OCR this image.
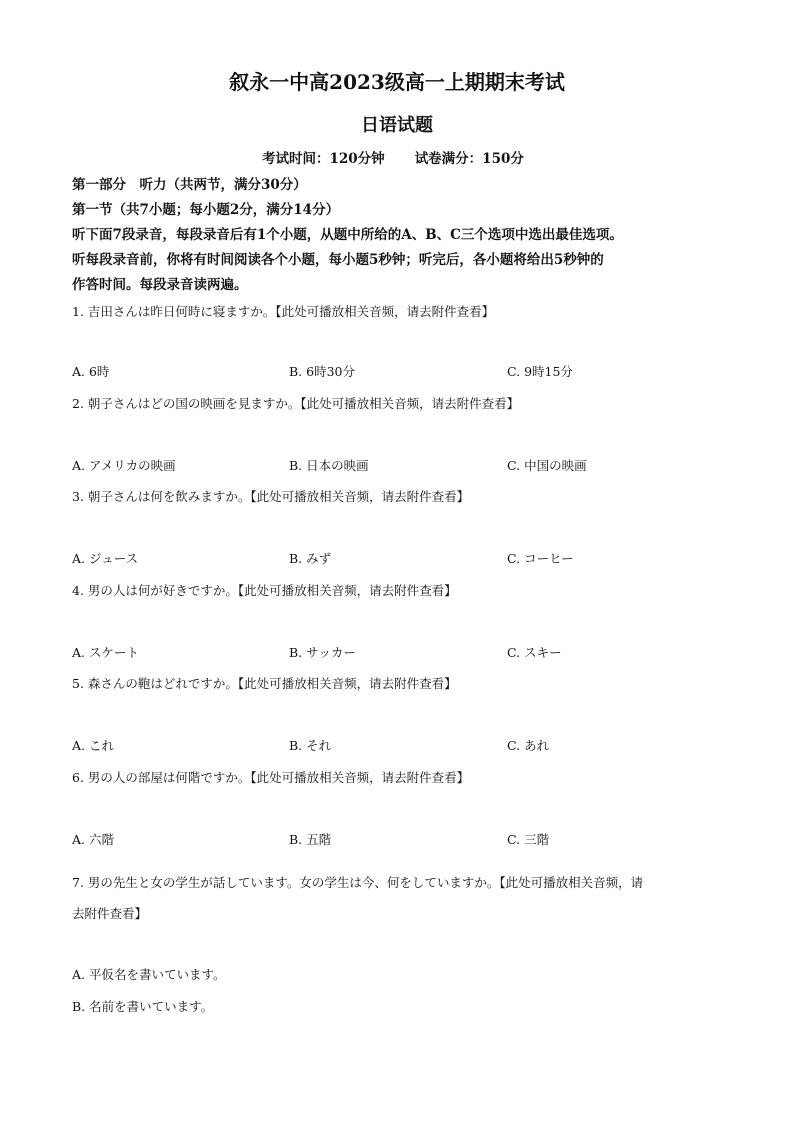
叙永一中高2023级高一上期期末考试
日语试题
考试时间：120分钟 试卷满分：150分
第一部分　听力（共两节，满分30分）
第一节（共7小题；每小题2分，满分14分）
听下面7段录音，每段录音后有1个小题，从题中所给的A、B、C三个选项中选出最佳选项。
听每段录音前，你将有时间阅读各个小题，每小题5秒钟；听完后，各小题将给出5秒钟的
作答时间。每段录音读两遍。
1. 吉田さんは昨日何時に寝ますか。【此处可播放相关音频，请去附件查看】
A. 6時	B. 6時30分	C. 9時15分
2. 朝子さんはどの国の映画を見ますか。【此处可播放相关音频，请去附件查看】
A. アメリカの映画	B. 日本の映画	C. 中国の映画
3. 朝子さんは何を飲みますか。【此处可播放相关音频，请去附件查看】
A. ジュース	B. みず	C. コーヒー
4. 男の人は何が好きですか。【此处可播放相关音频，请去附件查看】
A. スケート	B. サッカー	C. スキー
5. 森さんの鞄はどれですか。【此处可播放相关音频，请去附件查看】
A. これ	B. それ	C. あれ
6. 男の人の部屋は何階ですか。【此处可播放相关音频，请去附件查看】
A. 六階	B. 五階	C. 三階
7. 男の先生と女の学生が話しています。女の学生は今、何をしていますか。【此处可播放相关音频，请
去附件查看】
A. 平仮名を書いています。
B. 名前を書いています。
